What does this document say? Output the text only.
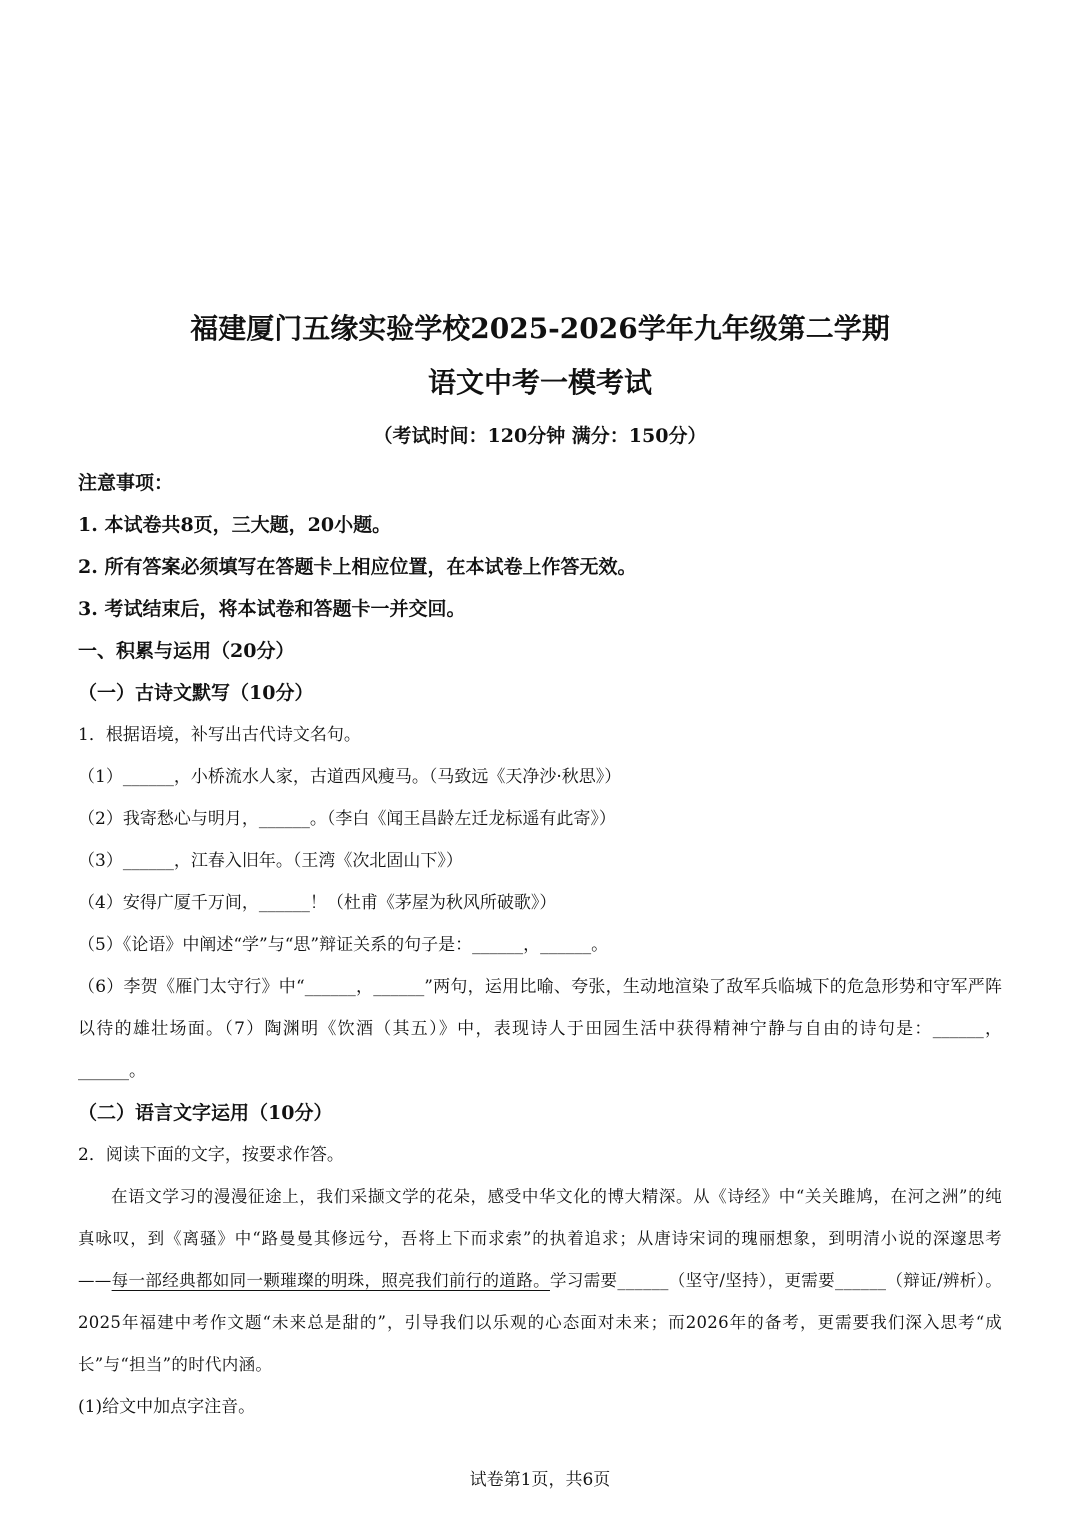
福建厦门五缘实验学校2025-2026学年九年级第二学期
语文中考一模考试
（考试时间：120分钟 满分：150分）
注意事项：
1. 本试卷共8页，三大题，20小题。
2. 所有答案必须填写在答题卡上相应位置，在本试卷上作答无效。
3. 考试结束后，将本试卷和答题卡一并交回。
一、积累与运用（20分）
（一）古诗文默写（10分）
1．根据语境，补写出古代诗文名句。
（1）______，小桥流水人家，古道西风瘦马。（马致远《天净沙·秋思》）
（2）我寄愁心与明月，______。（李白《闻王昌龄左迁龙标遥有此寄》）
（3）______，江春入旧年。（王湾《次北固山下》）
（4）安得广厦千万间，______！（杜甫《茅屋为秋风所破歌》）
（5）《论语》中阐述“学”与“思”辩证关系的句子是：______，______。
（6）李贺《雁门太守行》中“______，______”两句，运用比喻、夸张，生动地渲染了敌军兵临城下的危急形势和守军严阵以待的雄壮场面。（7）陶渊明《饮酒（其五）》中，表现诗人于田园生活中获得精神宁静与自由的诗句是：______，______。
（二）语言文字运用（10分）
2．阅读下面的文字，按要求作答。
在语文学习的漫漫征途上，我们采撷文学的花朵，感受中华文化的博大精深。从《诗经》中“关关雎鸠，在河之洲”的纯真咏叹，到《离骚》中“路曼曼其修远兮，吾将上下而求索”的执着追求；从唐诗宋词的瑰丽想象，到明清小说的深邃思考——每一部经典都如同一颗璀璨的明珠，照亮我们前行的道路。学习需要______（坚守/坚持），更需要______（辩证/辨析）。2025年福建中考作文题“未来总是甜的”，引导我们以乐观的心态面对未来；而2026年的备考，更需要我们深入思考“成长”与“担当”的时代内涵。
(1)给文中加点字注音。
试卷第1页，共6页
